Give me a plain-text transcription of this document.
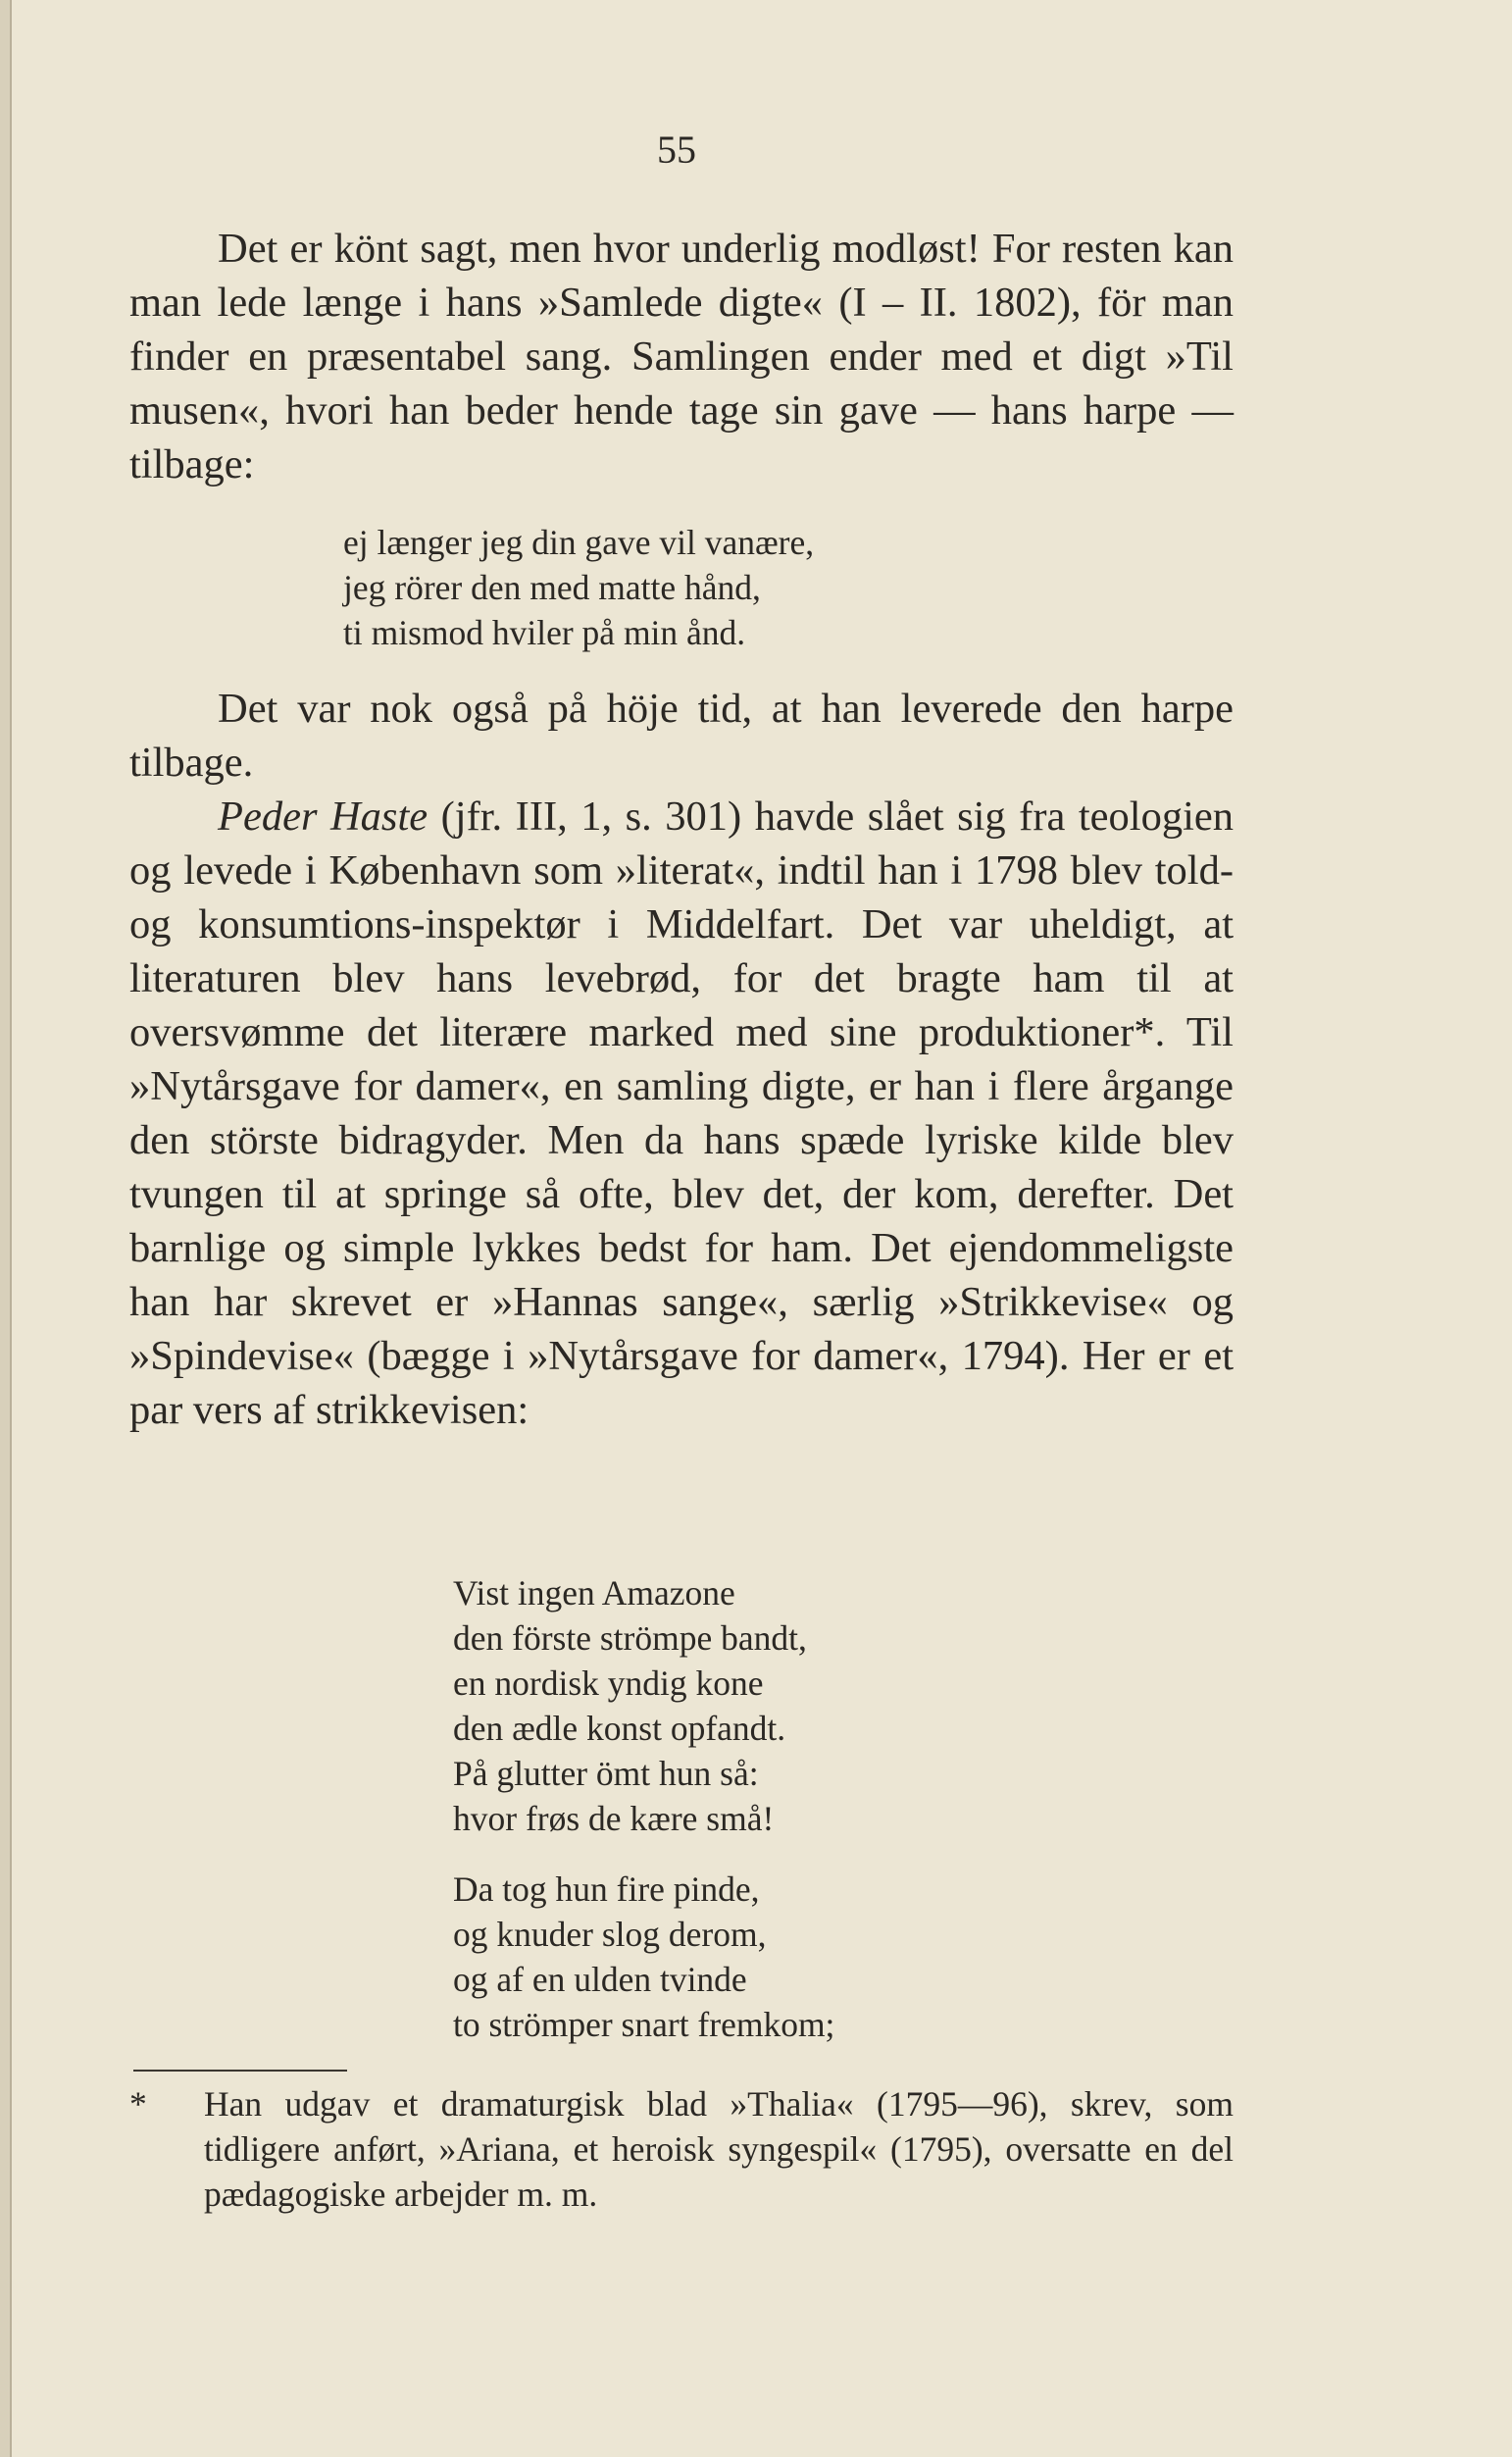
55

Det er könt sagt, men hvor underlig modløst! For resten kan man lede længe i hans »Samlede digte« (I – II. 1802), för man finder en præsentabel sang. Samlingen ender med et digt »Til musen«, hvori han beder hende tage sin gave — hans harpe — tilbage:

ej længer jeg din gave vil vanære,
jeg rörer den med matte hånd,
ti mismod hviler på min ånd.

Det var nok også på höje tid, at han leverede den harpe tilbage.

Peder Haste (jfr. III, 1, s. 301) havde slået sig fra teologien og levede i København som »literat«, indtil han i 1798 blev told- og konsumtions-inspektør i Middelfart. Det var uheldigt, at literaturen blev hans levebrød, for det bragte ham til at oversvømme det literære marked med sine produktioner*. Til »Nytårsgave for damer«, en samling digte, er han i flere årgange den störste bidragyder. Men da hans spæde lyriske kilde blev tvungen til at springe så ofte, blev det, der kom, derefter. Det barnlige og simple lykkes bedst for ham. Det ejendommeligste han har skrevet er »Hannas sange«, særlig »Strikkevise« og »Spindevise« (bægge i »Nytårsgave for damer«, 1794). Her er et par vers af strikkevisen:

Vist ingen Amazone
den förste strömpe bandt,
en nordisk yndig kone
den ædle konst opfandt.
På glutter ömt hun så:
hvor frøs de kære små!
Da tog hun fire pinde,
og knuder slog derom,
og af en ulden tvinde
to strömper snart fremkom;

* Han udgav et dramaturgisk blad »Thalia« (1795—96), skrev, som tidligere anført, »Ariana, et heroisk syngespil« (1795), oversatte en del pædagogiske arbejder m. m.
